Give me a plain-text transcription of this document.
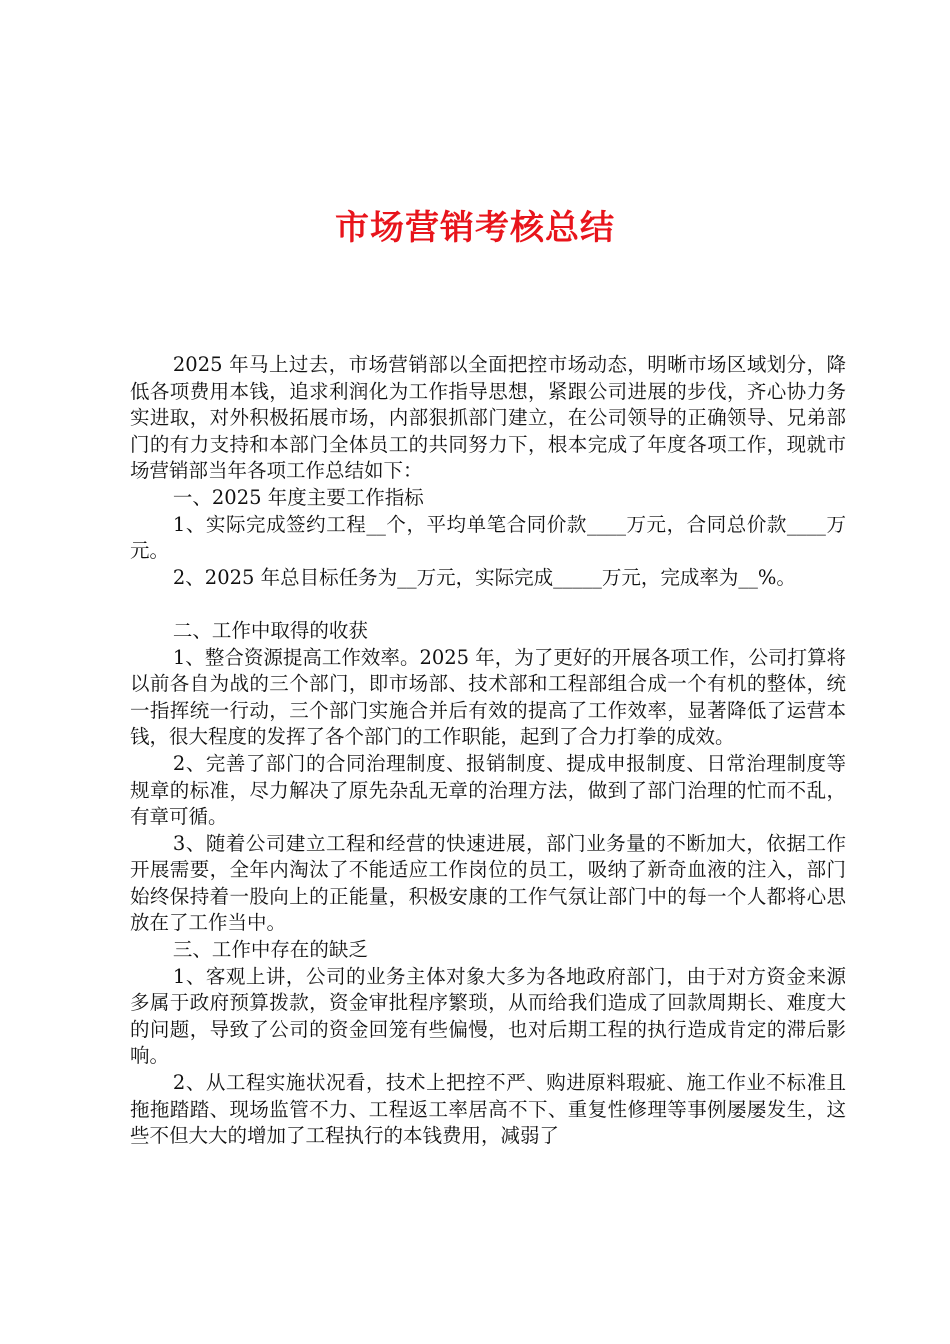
市场营销考核总结

2025 年马上过去，市场营销部以全面把控市场动态，明晰市场区域划分，降低各项费用本钱，追求利润化为工作指导思想，紧跟公司进展的步伐，齐心协力务实进取，对外积极拓展市场，内部狠抓部门建立，在公司领导的正确领导、兄弟部门的有力支持和本部门全体员工的共同努力下，根本完成了年度各项工作，现就市场营销部当年各项工作总结如下：

一、2025 年度主要工作指标

1、实际完成签约工程__个，平均单笔合同价款____万元，合同总价款____万元。

2、2025 年总目标任务为__万元，实际完成_____万元，完成率为__%。

二、工作中取得的收获

1、整合资源提高工作效率。2025 年，为了更好的开展各项工作，公司打算将以前各自为战的三个部门，即市场部、技术部和工程部组合成一个有机的整体，统一指挥统一行动，三个部门实施合并后有效的提高了工作效率，显著降低了运营本钱，很大程度的发挥了各个部门的工作职能，起到了合力打拳的成效。

2、完善了部门的合同治理制度、报销制度、提成申报制度、日常治理制度等规章的标准，尽力解决了原先杂乱无章的治理方法，做到了部门治理的忙而不乱，有章可循。

3、随着公司建立工程和经营的快速进展，部门业务量的不断加大，依据工作开展需要，全年内淘汰了不能适应工作岗位的员工，吸纳了新奇血液的注入，部门始终保持着一股向上的正能量，积极安康的工作气氛让部门中的每一个人都将心思放在了工作当中。

三、工作中存在的缺乏

1、客观上讲，公司的业务主体对象大多为各地政府部门，由于对方资金来源多属于政府预算拨款，资金审批程序繁琐，从而给我们造成了回款周期长、难度大的问题，导致了公司的资金回笼有些偏慢，也对后期工程的执行造成肯定的滞后影响。

2、从工程实施状况看，技术上把控不严、购进原料瑕疵、施工作业不标准且拖拖踏踏、现场监管不力、工程返工率居高不下、重复性修理等事例屡屡发生，这些不但大大的增加了工程执行的本钱费用，减弱了
